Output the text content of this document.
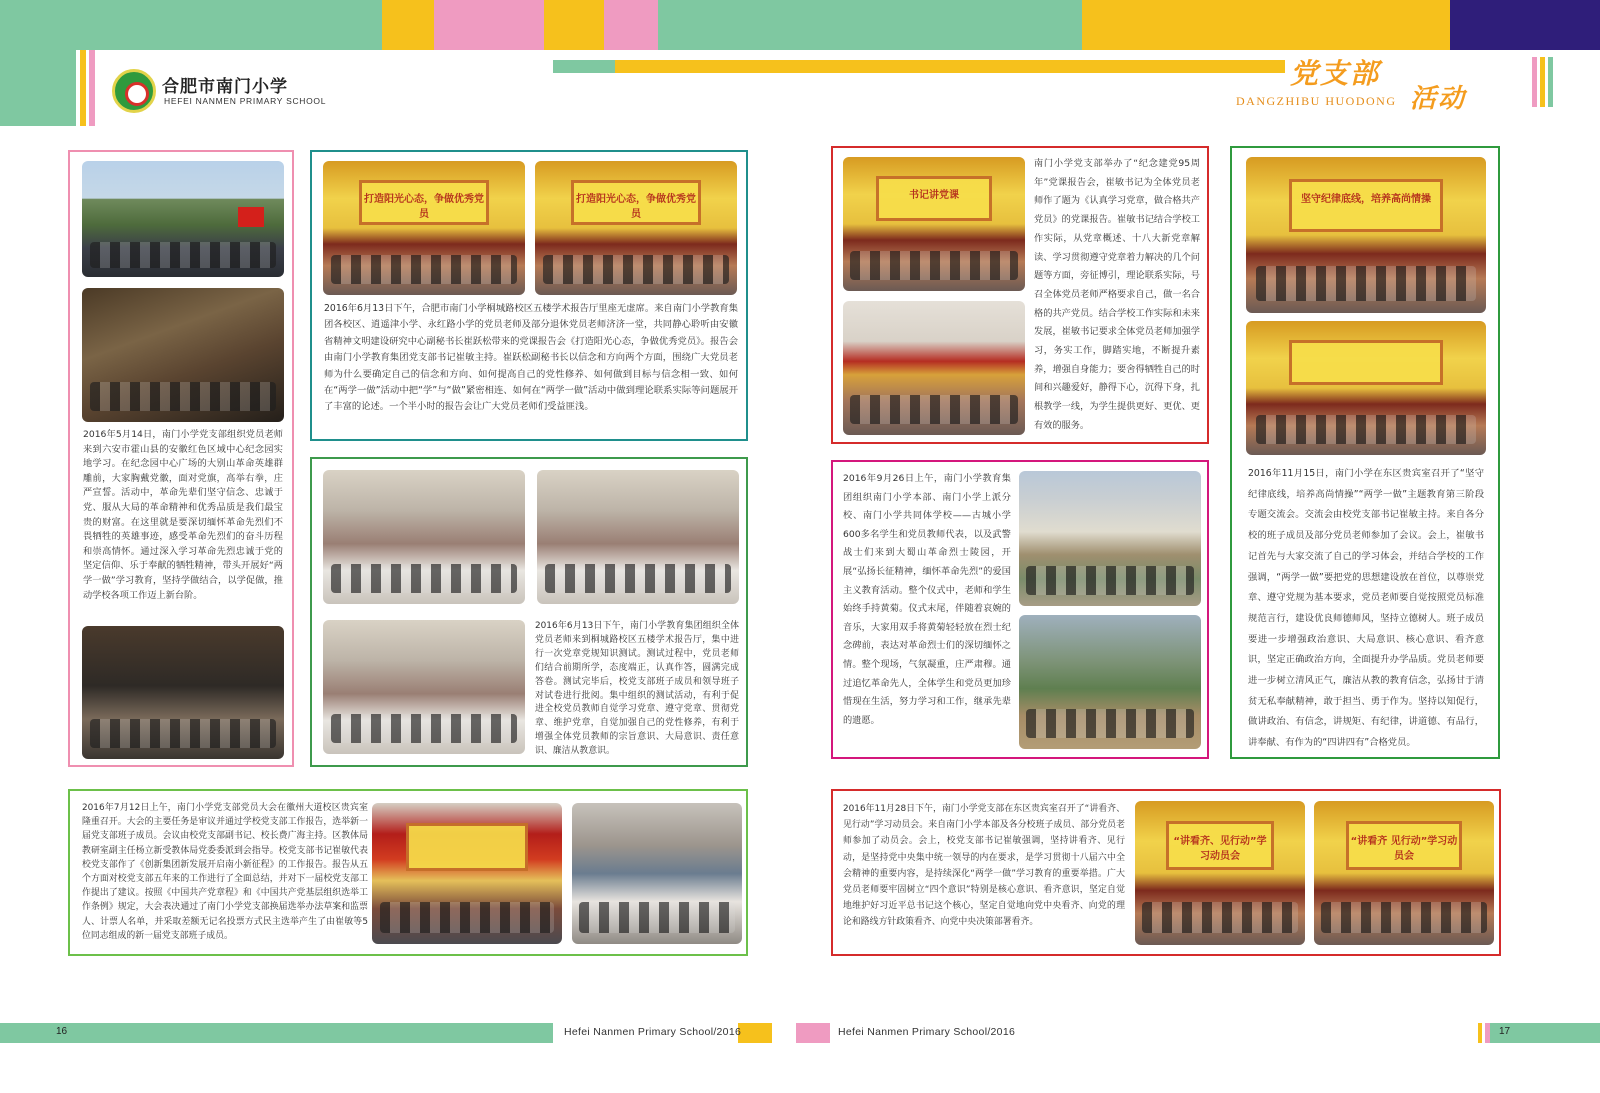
合肥市南门小学
HEFEI NANMEN PRIMARY SCHOOL
党支部
活动
DANGZHIBU HUODONG
2016年5月14日，南门小学党支部组织党员老师来到六安市霍山县的安徽红色区域中心纪念园实地学习。在纪念园中心广场的大别山革命英雄群雕前，大家胸戴党徽，面对党旗，高举右拳，庄严宣誓。活动中，革命先辈们坚守信念、忠诚于党、服从大局的革命精神和优秀品质是我们最宝贵的财富。在这里就是要深切缅怀革命先烈们不畏牺牲的英雄事迹，感受革命先烈们的奋斗历程和崇高情怀。通过深入学习革命先烈忠诚于党的坚定信仰、乐于奉献的牺牲精神，带头开展好“两学一做”学习教育，坚持学做结合，以学促做，推动学校各项工作迈上新台阶。
打造阳光心态，争做优秀党员
打造阳光心态，争做优秀党员
2016年6月13日下午，合肥市南门小学桐城路校区五楼学术报告厅里座无虚席。来自南门小学教育集团各校区、逍遥津小学、永红路小学的党员老师及部分退休党员老师济济一堂，共同静心聆听由安徽省精神文明建设研究中心副秘书长崔跃松带来的党课报告会《打造阳光心态，争做优秀党员》。报告会由南门小学教育集团党支部书记崔敏主持。崔跃松副秘书长以信念和方向两个方面，围绕广大党员老师为什么要确定自己的信念和方向、如何提高自己的党性修养、如何做到目标与信念相一致、如何在“两学一做”活动中把“学”与“做”紧密相连、如何在“两学一做”活动中做到理论联系实际等问题展开了丰富的论述。一个半小时的报告会让广大党员老师们受益匪浅。
2016年6月13日下午，南门小学教育集团组织全体党员老师来到桐城路校区五楼学术报告厅，集中进行一次党章党规知识测试。测试过程中，党员老师们结合前期所学，态度端正，认真作答，圆满完成答卷。测试完毕后，校党支部班子成员和领导班子对试卷进行批阅。集中组织的测试活动，有利于促进全校党员教师自觉学习党章、遵守党章、贯彻党章、维护党章，自觉加强自己的党性修养，有利于增强全体党员教师的宗旨意识、大局意识、责任意识、廉洁从教意识。
2016年7月12日上午，南门小学党支部党员大会在徽州大道校区贵宾室隆重召开。大会的主要任务是审议并通过学校党支部工作报告，选举新一届党支部班子成员。会议由校党支部副书记、校长费广海主持。区教体局教研室副主任杨立新受教体局党委委派到会指导。校党支部书记崔敏代表校党支部作了《创新集团新发展开启南小新征程》的工作报告。报告从五个方面对校党支部五年来的工作进行了全面总结，并对下一届校党支部工作提出了建议。按照《中国共产党章程》和《中国共产党基层组织选举工作条例》规定，大会表决通过了南门小学党支部换届选举办法草案和监票人、计票人名单，并采取差额无记名投票方式民主选举产生了由崔敏等5位同志组成的新一届党支部班子成员。
书记讲党课
南门小学党支部举办了“纪念建党95周年”党课报告会，崔敏书记为全体党员老师作了题为《认真学习党章，做合格共产党员》的党课报告。崔敏书记结合学校工作实际，从党章概述、十八大新党章解读、学习贯彻遵守党章着力解决的几个问题等方面，旁征博引，理论联系实际，号召全体党员老师严格要求自己，做一名合格的共产党员。结合学校工作实际和未来发展，崔敏书记要求全体党员老师加强学习，务实工作，脚踏实地，不断提升素养，增强自身能力；要舍得牺牲自己的时间和兴趣爱好，静得下心，沉得下身，扎根教学一线，为学生提供更好、更优、更有效的服务。
2016年9月26日上午，南门小学教育集团组织南门小学本部、南门小学上派分校、南门小学共同体学校——古城小学600多名学生和党员教师代表，以及武警战士们来到大蜀山革命烈士陵园，开展“弘扬长征精神，缅怀革命先烈”的爱国主义教育活动。整个仪式中，老师和学生始终手持黄菊。仪式末尾，伴随着哀婉的音乐，大家用双手将黄菊轻轻放在烈士纪念碑前，表达对革命烈士们的深切缅怀之情。整个现场，气氛凝重，庄严肃穆。通过追忆革命先人，全体学生和党员更加珍惜现在生活，努力学习和工作，继承先辈的遗愿。
坚守纪律底线，培养高尚情操
2016年11月15日，南门小学在东区贵宾室召开了“坚守纪律底线，培养高尚情操”“两学一做”主题教育第三阶段专题交流会。交流会由校党支部书记崔敏主持。来自各分校的班子成员及部分党员老师参加了会议。会上，崔敏书记首先与大家交流了自己的学习体会，并结合学校的工作强调，“两学一做”要把党的思想建设放在首位，以尊崇党章、遵守党规为基本要求，党员老师要自觉按照党员标准规范言行，建设优良师德师风，坚持立德树人。班子成员要进一步增强政治意识、大局意识、核心意识、看齐意识，坚定正确政治方向，全面提升办学品质。党员老师要进一步树立清风正气，廉洁从教的教育信念，弘扬甘于清贫无私奉献精神，敢于担当、勇于作为。坚持以知促行，做讲政治、有信念，讲规矩、有纪律，讲道德、有品行，讲奉献、有作为的“四讲四有”合格党员。
2016年11月28日下午，南门小学党支部在东区贵宾室召开了“讲看齐、见行动”学习动员会。来自南门小学本部及各分校班子成员、部分党员老师参加了动员会。会上，校党支部书记崔敏强调，坚持讲看齐、见行动，是坚持党中央集中统一领导的内在要求，是学习贯彻十八届六中全会精神的重要内容，是持续深化“两学一做”学习教育的重要举措。广大党员老师要牢固树立“四个意识”特别是核心意识、看齐意识，坚定自觉地维护好习近平总书记这个核心，坚定自觉地向党中央看齐、向党的理论和路线方针政策看齐、向党中央决策部署看齐。
“讲看齐、见行动”学习动员会
“讲看齐 见行动”学习动员会
16	Hefei Nanmen Primary School/2016	Hefei Nanmen Primary School/2016	17
